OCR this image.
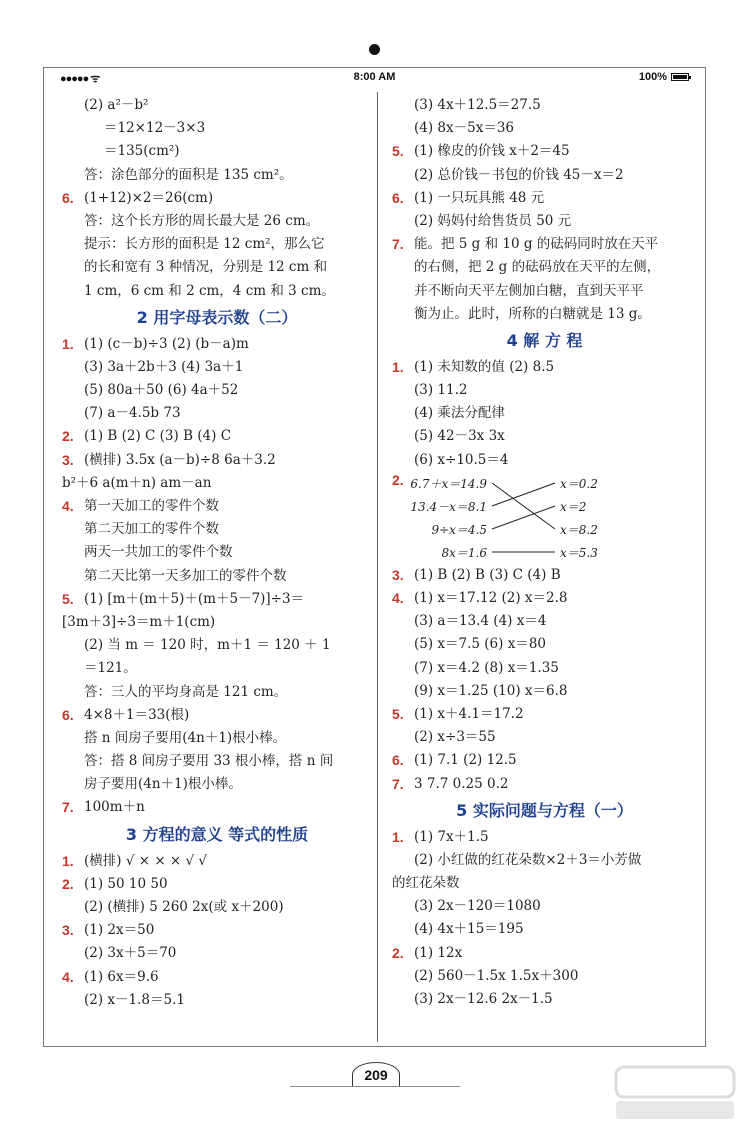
●●●●● ᯤ	8:00 AM	100%
(2) a²－b²
＝12×12－3×3
＝135(cm²)
答：涂色部分的面积是 135 cm²。
6. (1+12)×2＝26(cm)
答：这个长方形的周长最大是 26 cm。
提示：长方形的面积是 12 cm²，那么它
的长和宽有 3 种情况，分别是 12 cm 和
1 cm，6 cm 和 2 cm，4 cm 和 3 cm。
2 用字母表示数（二）
1. (1) (c－b)÷3 (2) (b－a)m
(3) 3a＋2b＋3 (4) 3a＋1
(5) 80a＋50 (6) 4a＋52
(7) a－4.5b 73
2. (1) B (2) C (3) B (4) C
3. (横排) 3.5x (a－b)÷8 6a＋3.2
b²＋6 a(m＋n) am－an
4. 第一天加工的零件个数
第二天加工的零件个数
两天一共加工的零件个数
第二天比第一天多加工的零件个数
5. (1) [m＋(m＋5)＋(m＋5－7)]÷3＝
[3m＋3]÷3＝m＋1(cm)
(2) 当 m ＝ 120 时，m＋1 ＝ 120 ＋ 1
＝121。
答：三人的平均身高是 121 cm。
6. 4×8＋1＝33(根)
搭 n 间房子要用(4n＋1)根小棒。
答：搭 8 间房子要用 33 根小棒，搭 n 间
房子要用(4n＋1)根小棒。
7. 100m＋n
3 方程的意义 等式的性质
1. (横排) √ × × × √ √
2. (1) 50 10 50
(2) (横排) 5 260 2x(或 x＋200)
3. (1) 2x＝50
(2) 3x＋5＝70
4. (1) 6x＝9.6
(2) x－1.8＝5.1
(3) 4x＋12.5＝27.5
(4) 8x－5x＝36
5. (1) 橡皮的价钱 x＋2＝45
(2) 总价钱－书包的价钱 45－x＝2
6. (1) 一只玩具熊 48 元
(2) 妈妈付给售货员 50 元
7. 能。把 5 g 和 10 g 的砝码同时放在天平
的右侧，把 2 g 的砝码放在天平的左侧，
并不断向天平左侧加白糖，直到天平平
衡为止。此时，所称的白糖就是 13 g。
4 解 方 程
1. (1) 未知数的值 (2) 8.5
(3) 11.2
(4) 乘法分配律
(5) 42－3x 3x
(6) x÷10.5＝4
2. 6.7＋x＝14.9
13.4－x＝8.1
9÷x＝4.5
8x＝1.6
x＝0.2
x＝2
x＝8.2
x＝5.3
3. (1) B (2) B (3) C (4) B
4. (1) x＝17.12 (2) x＝2.8
(3) a＝13.4 (4) x＝4
(5) x＝7.5 (6) x＝80
(7) x＝4.2 (8) x＝1.35
(9) x＝1.25 (10) x＝6.8
5. (1) x＋4.1＝17.2
(2) x÷3＝55
6. (1) 7.1 (2) 12.5
7. 3 7.7 0.25 0.2
5 实际问题与方程（一）
1. (1) 7x＋1.5
(2) 小红做的红花朵数×2＋3＝小芳做
的红花朵数
(3) 2x－120＝1080
(4) 4x＋15＝195
2. (1) 12x
(2) 560－1.5x 1.5x＋300
(3) 2x－12.6 2x－1.5
209
